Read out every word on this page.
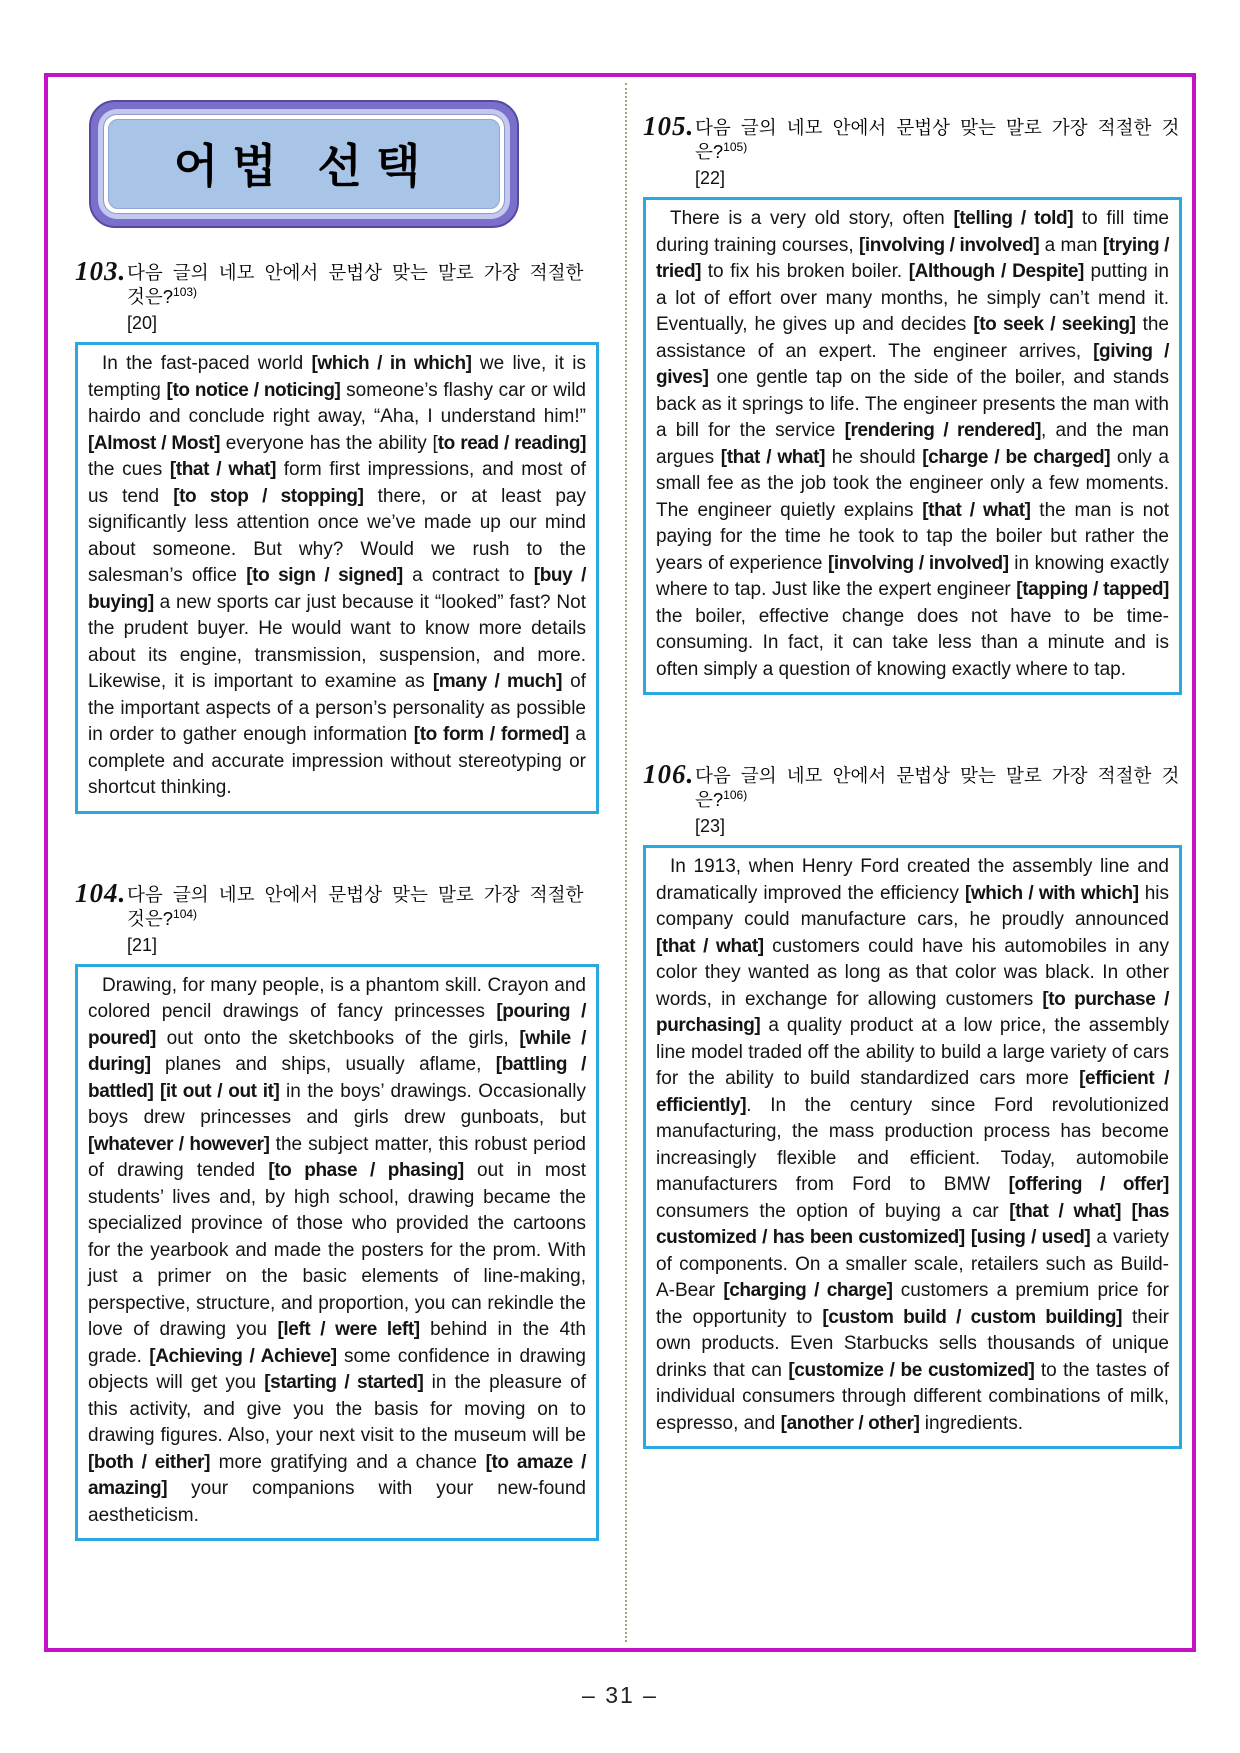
어법 선택
103. 다음 글의 네모 안에서 문법상 맞는 말로 가장 적절한 것은?$^{103)}$
[20]
In the fast-paced world [which / in which] we live, it is tempting [to notice / noticing] someone’s flashy car or wild hairdo and conclude right away, “Aha, I understand him!” [Almost / Most] everyone has the ability [to read / reading] the cues [that / what] form first impressions, and most of us tend [to stop / stopping] there, or at least pay significantly less attention once we’ve made up our mind about someone. But why? Would we rush to the salesman’s office [to sign / signed] a contract to [buy / buying] a new sports car just because it “looked” fast? Not the prudent buyer. He would want to know more details about its engine, transmission, suspension, and more. Likewise, it is important to examine as [many / much] of the important aspects of a person’s personality as possible in order to gather enough information [to form / formed] a complete and accurate impression without stereotyping or shortcut thinking.
104. 다음 글의 네모 안에서 문법상 맞는 말로 가장 적절한 것은?$^{104)}$
[21]
Drawing, for many people, is a phantom skill. Crayon and colored pencil drawings of fancy princesses [pouring / poured] out onto the sketchbooks of the girls, [while / during] planes and ships, usually aflame, [battling / battled] [it out / out it] in the boys’ drawings. Occasionally boys drew princesses and girls drew gunboats, but [whatever / however] the subject matter, this robust period of drawing tended [to phase / phasing] out in most students’ lives and, by high school, drawing became the specialized province of those who provided the cartoons for the yearbook and made the posters for the prom. With just a primer on the basic elements of line-making, perspective, structure, and proportion, you can rekindle the love of drawing you [left / were left] behind in the 4th grade. [Achieving / Achieve] some confidence in drawing objects will get you [starting / started] in the pleasure of this activity, and give you the basis for moving on to drawing figures. Also, your next visit to the museum will be [both / either] more gratifying and a chance [to amaze / amazing] your companions with your new-found aestheticism.
105. 다음 글의 네모 안에서 문법상 맞는 말로 가장 적절한 것은?$^{105)}$
[22]
There is a very old story, often [telling / told] to fill time during training courses, [involving / involved] a man [trying / tried] to fix his broken boiler. [Although / Despite] putting in a lot of effort over many months, he simply can’t mend it. Eventually, he gives up and decides [to seek / seeking] the assistance of an expert. The engineer arrives, [giving / gives] one gentle tap on the side of the boiler, and stands back as it springs to life. The engineer presents the man with a bill for the service [rendering / rendered], and the man argues [that / what] he should [charge / be charged] only a small fee as the job took the engineer only a few moments. The engineer quietly explains [that / what] the man is not paying for the time he took to tap the boiler but rather the years of experience [involving / involved] in knowing exactly where to tap. Just like the expert engineer [tapping / tapped] the boiler, effective change does not have to be time-consuming. In fact, it can take less than a minute and is often simply a question of knowing exactly where to tap.
106. 다음 글의 네모 안에서 문법상 맞는 말로 가장 적절한 것은?$^{106)}$
[23]
In 1913, when Henry Ford created the assembly line and dramatically improved the efficiency [which / with which] his company could manufacture cars, he proudly announced [that / what] customers could have his automobiles in any color they wanted as long as that color was black. In other words, in exchange for allowing customers [to purchase / purchasing] a quality product at a low price, the assembly line model traded off the ability to build a large variety of cars for the ability to build standardized cars more [efficient / efficiently]. In the century since Ford revolutionized manufacturing, the mass production process has become increasingly flexible and efficient. Today, automobile manufacturers from Ford to BMW [offering / offer] consumers the option of buying a car [that / what] [has customized / has been customized] [using / used] a variety of components. On a smaller scale, retailers such as Build-A-Bear [charging / charge] customers a premium price for the opportunity to [custom build / custom building] their own products. Even Starbucks sells thousands of unique drinks that can [customize / be customized] to the tastes of individual consumers through different combinations of milk, espresso, and [another / other] ingredients.
– 31 –
